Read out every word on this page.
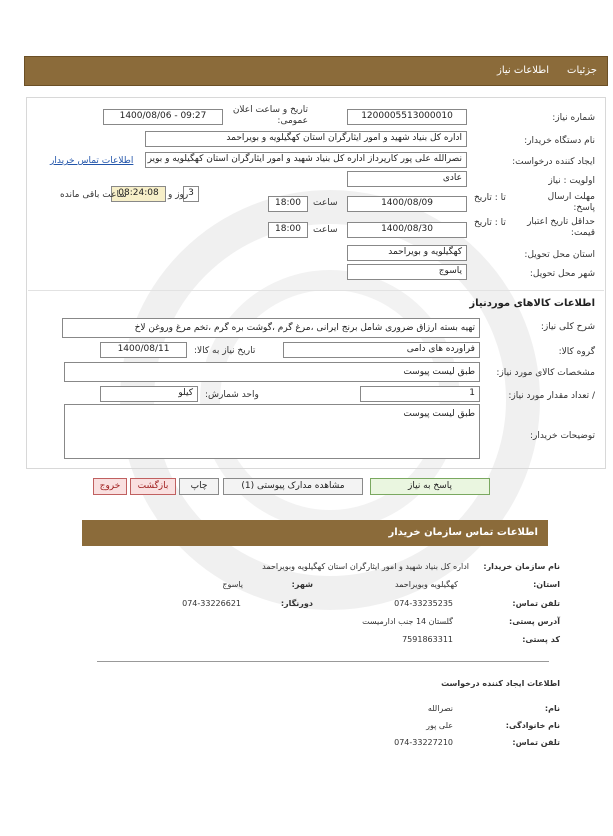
جزئیات
اطلاعات نیاز
شماره نیاز:
1200005513000010
تاریخ و ساعت اعلان عمومی:
1400/08/06 - 09:27
نام دستگاه خریدار:
اداره کل بنیاد شهید و امور ایثارگران استان کهگیلویه و بویراحمد
ایجاد کننده درخواست:
نصرالله علی پور کارپرداز اداره کل بنیاد شهید و امور ایثارگران استان کهگیلویه و بویر
اطلاعات تماس خریدار
اولویت : نیاز
عادی
مهلت ارسال پاسخ:
تا : تاریخ
1400/08/09
ساعت
18:00
3
روز و
08:24:08
ساعت باقی مانده
حداقل تاریخ اعتبار قیمت:
تا : تاریخ
1400/08/30
ساعت
18:00
استان محل تحویل:
کهگیلویه و بویراحمد
شهر محل تحویل:
یاسوج
اطلاعات کالاهای موردنیاز
شرح کلی نیاز:
تهیه بسته ارزاق ضروری شامل برنج ایرانی ،مرغ گرم ،گوشت بره گرم ،تخم مرغ وروغن لاخ
گروه کالا:
فراورده های دامی
تاریخ نیاز به کالا:
1400/08/11
مشخصات کالای مورد نیاز:
طبق لیست پیوست
/ تعداد مقدار مورد نیاز:
1
واحد شمارش:
کیلو
توضیحات خریدار:
طبق لیست پیوست
پاسخ به نیاز
مشاهده مدارک پیوستی (1)
چاپ
بازگشت
خروج
اطلاعات تماس سازمان خریدار
نام سازمان خریدار:
اداره کل بنیاد شهید و امور ایثارگران استان کهگیلویه وبویراحمد
استان:
کهگیلویه وبویراحمد
شهر:
یاسوج
تلفن تماس:
074-33235235
دورنگار:
074-33226621
آدرس پستی:
گلستان 14 جنب ادارمیست
کد پستی:
7591863311
اطلاعات ایجاد کننده درخواست
نام:
نصرالله
نام خانوادگی:
علی پور
تلفن تماس:
074-33227210
